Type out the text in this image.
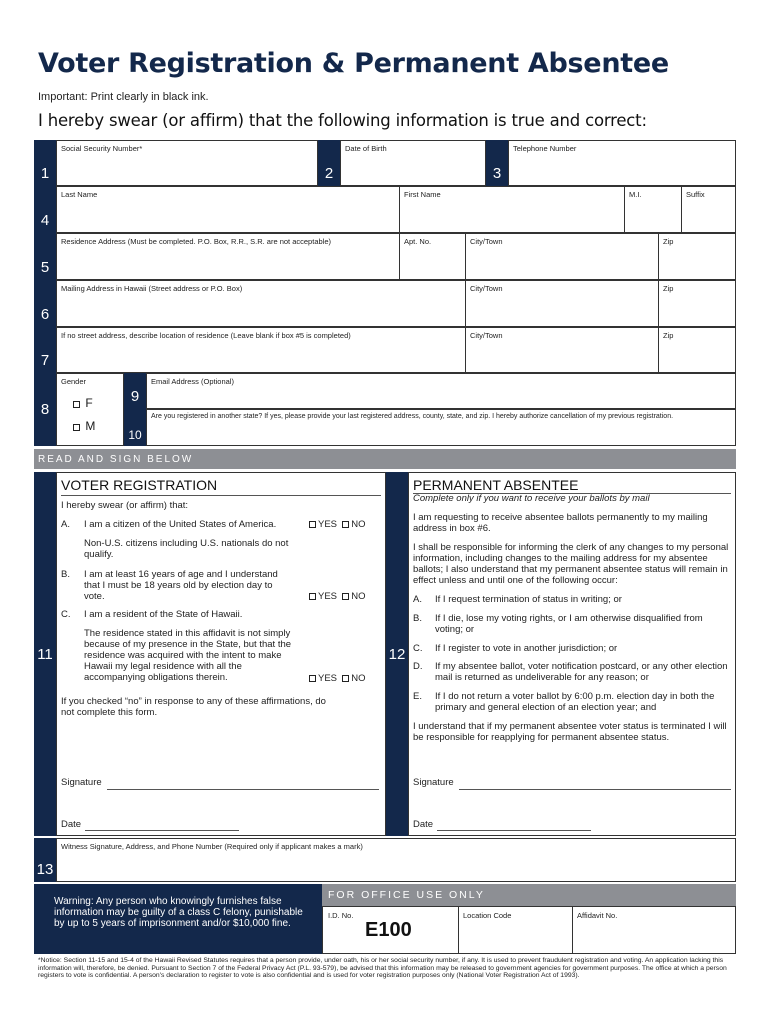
Voter Registration & Permanent Absentee
Important: Print clearly in black ink.
I hereby swear (or affirm) that the following information is true and correct:
1
Social Security Number*
2
Date of Birth
3
Telephone Number
4
Last Name	First Name	M.I.	Suffix
5
Residence Address (Must be completed. P.O. Box, R.R., S.R. are not acceptable)	Apt. No.	City/Town	Zip
6
Mailing Address in Hawaii (Street address or P.O. Box)	City/Town	Zip
7
If no street address, describe location of residence (Leave blank if box #5 is completed)	City/Town	Zip
8
Gender
F
M
9
Email Address (Optional)
10
Are you registered in another state? If yes, please provide your last registered address, county, state, and zip. I hereby authorize cancellation of my previous registration.
READ AND SIGN BELOW
11
VOTER REGISTRATION
I hereby swear (or affirm) that:
A. I am a citizen of the United States of America.	YES NO
Non-U.S. citizens including U.S. nationals do not qualify.
B. I am at least 16 years of age and I understand that I must be 18 years old by election day to vote.	YES NO
C. I am a resident of the State of Hawaii.
The residence stated in this affidavit is not simply because of my presence in the State, but that the residence was acquired with the intent to make Hawaii my legal residence with all the accompanying obligations therein.	YES NO
If you checked “no” in response to any of these affirmations, do not complete this form.
Signature
Date
12
PERMANENT ABSENTEE
Complete only if you want to receive your ballots by mail
I am requesting to receive absentee ballots permanently to my mailing address in box #6.
I shall be responsible for informing the clerk of any changes to my personal information, including changes to the mailing address for my absentee ballots; I also understand that my permanent absentee status will remain in effect unless and until one of the following occur:
A. If I request termination of status in writing; or
B. If I die, lose my voting rights, or I am otherwise disqualified from voting; or
C. If I register to vote in another jurisdiction; or
D. If my absentee ballot, voter notification postcard, or any other election mail is returned as undeliverable for any reason; or
E. If I do not return a voter ballot by 6:00 p.m. election day in both the primary and general election of an election year; and
I understand that if my permanent absentee voter status is terminated I will be responsible for reapplying for permanent absentee status.
Signature
Date
13
Witness Signature, Address, and Phone Number (Required only if applicant makes a mark)
Warning: Any person who knowingly furnishes false information may be guilty of a class C felony, punishable by up to 5 years of imprisonment and/or $10,000 fine.
FOR OFFICE USE ONLY
I.D. No.
E100
Location Code	Affidavit No.
*Notice: Section 11-15 and 15-4 of the Hawaii Revised Statutes requires that a person provide, under oath, his or her social security number, if any. It is used to prevent fraudulent registration and voting. An application lacking this information will, therefore, be denied. Pursuant to Section 7 of the Federal Privacy Act (P.L. 93-579), be advised that this information may be released to government agencies for government purposes. The office at which a person registers to vote is confidential. A person's declaration to register to vote is also confidential and is used for voter registration purposes only (National Voter Registration Act of 1993).
